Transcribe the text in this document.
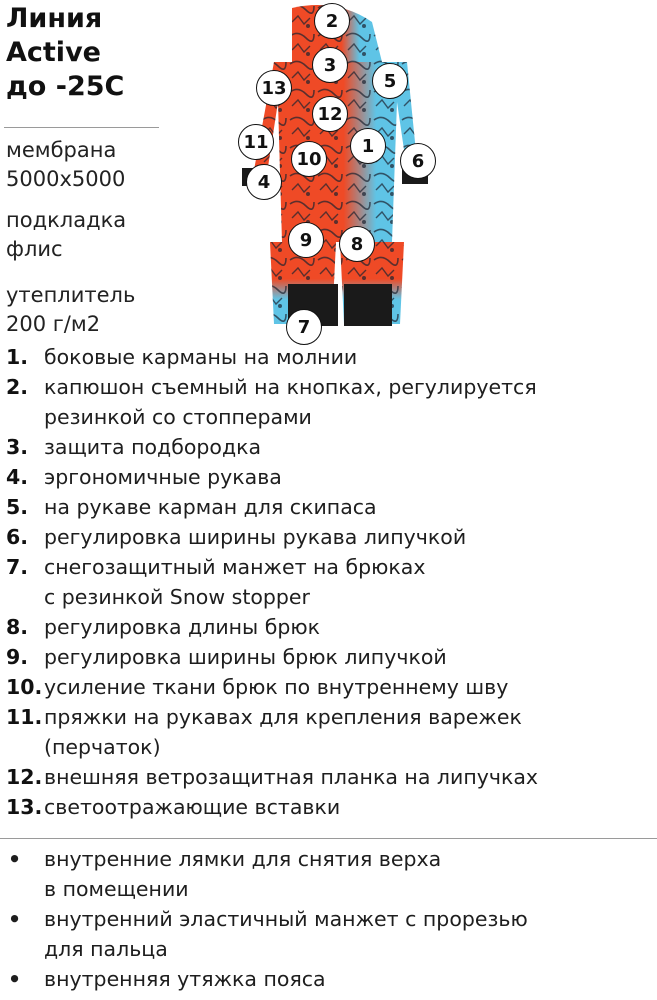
Линия
Active
до -25С
мембрана
5000х5000
подкладка
флис
утеплитель
200 г/м2
2
3
5
13
12
11
10
1
6
4
9	8
7
1. боковые карманы на молнии
2. капюшон съемный на кнопках, регулируется
резинкой со стопперами
3. защита подбородка
4. эргономичные рукава
5. на рукаве карман для скипаса
6. регулировка ширины рукава липучкой
7. снегозащитный манжет на брюках
с резинкой Snow stopper
8. регулировка длины брюк
9. регулировка ширины брюк липучкой
10. усиление ткани брюк по внутреннему шву
11. пряжки на рукавах для крепления варежек
(перчаток)
12. внешняя ветрозащитная планка на липучках
13. светоотражающие вставки
• внутренние лямки для снятия верха
в помещении
• внутренний эластичный манжет с прорезью
для пальца
• внутренняя утяжка пояса
